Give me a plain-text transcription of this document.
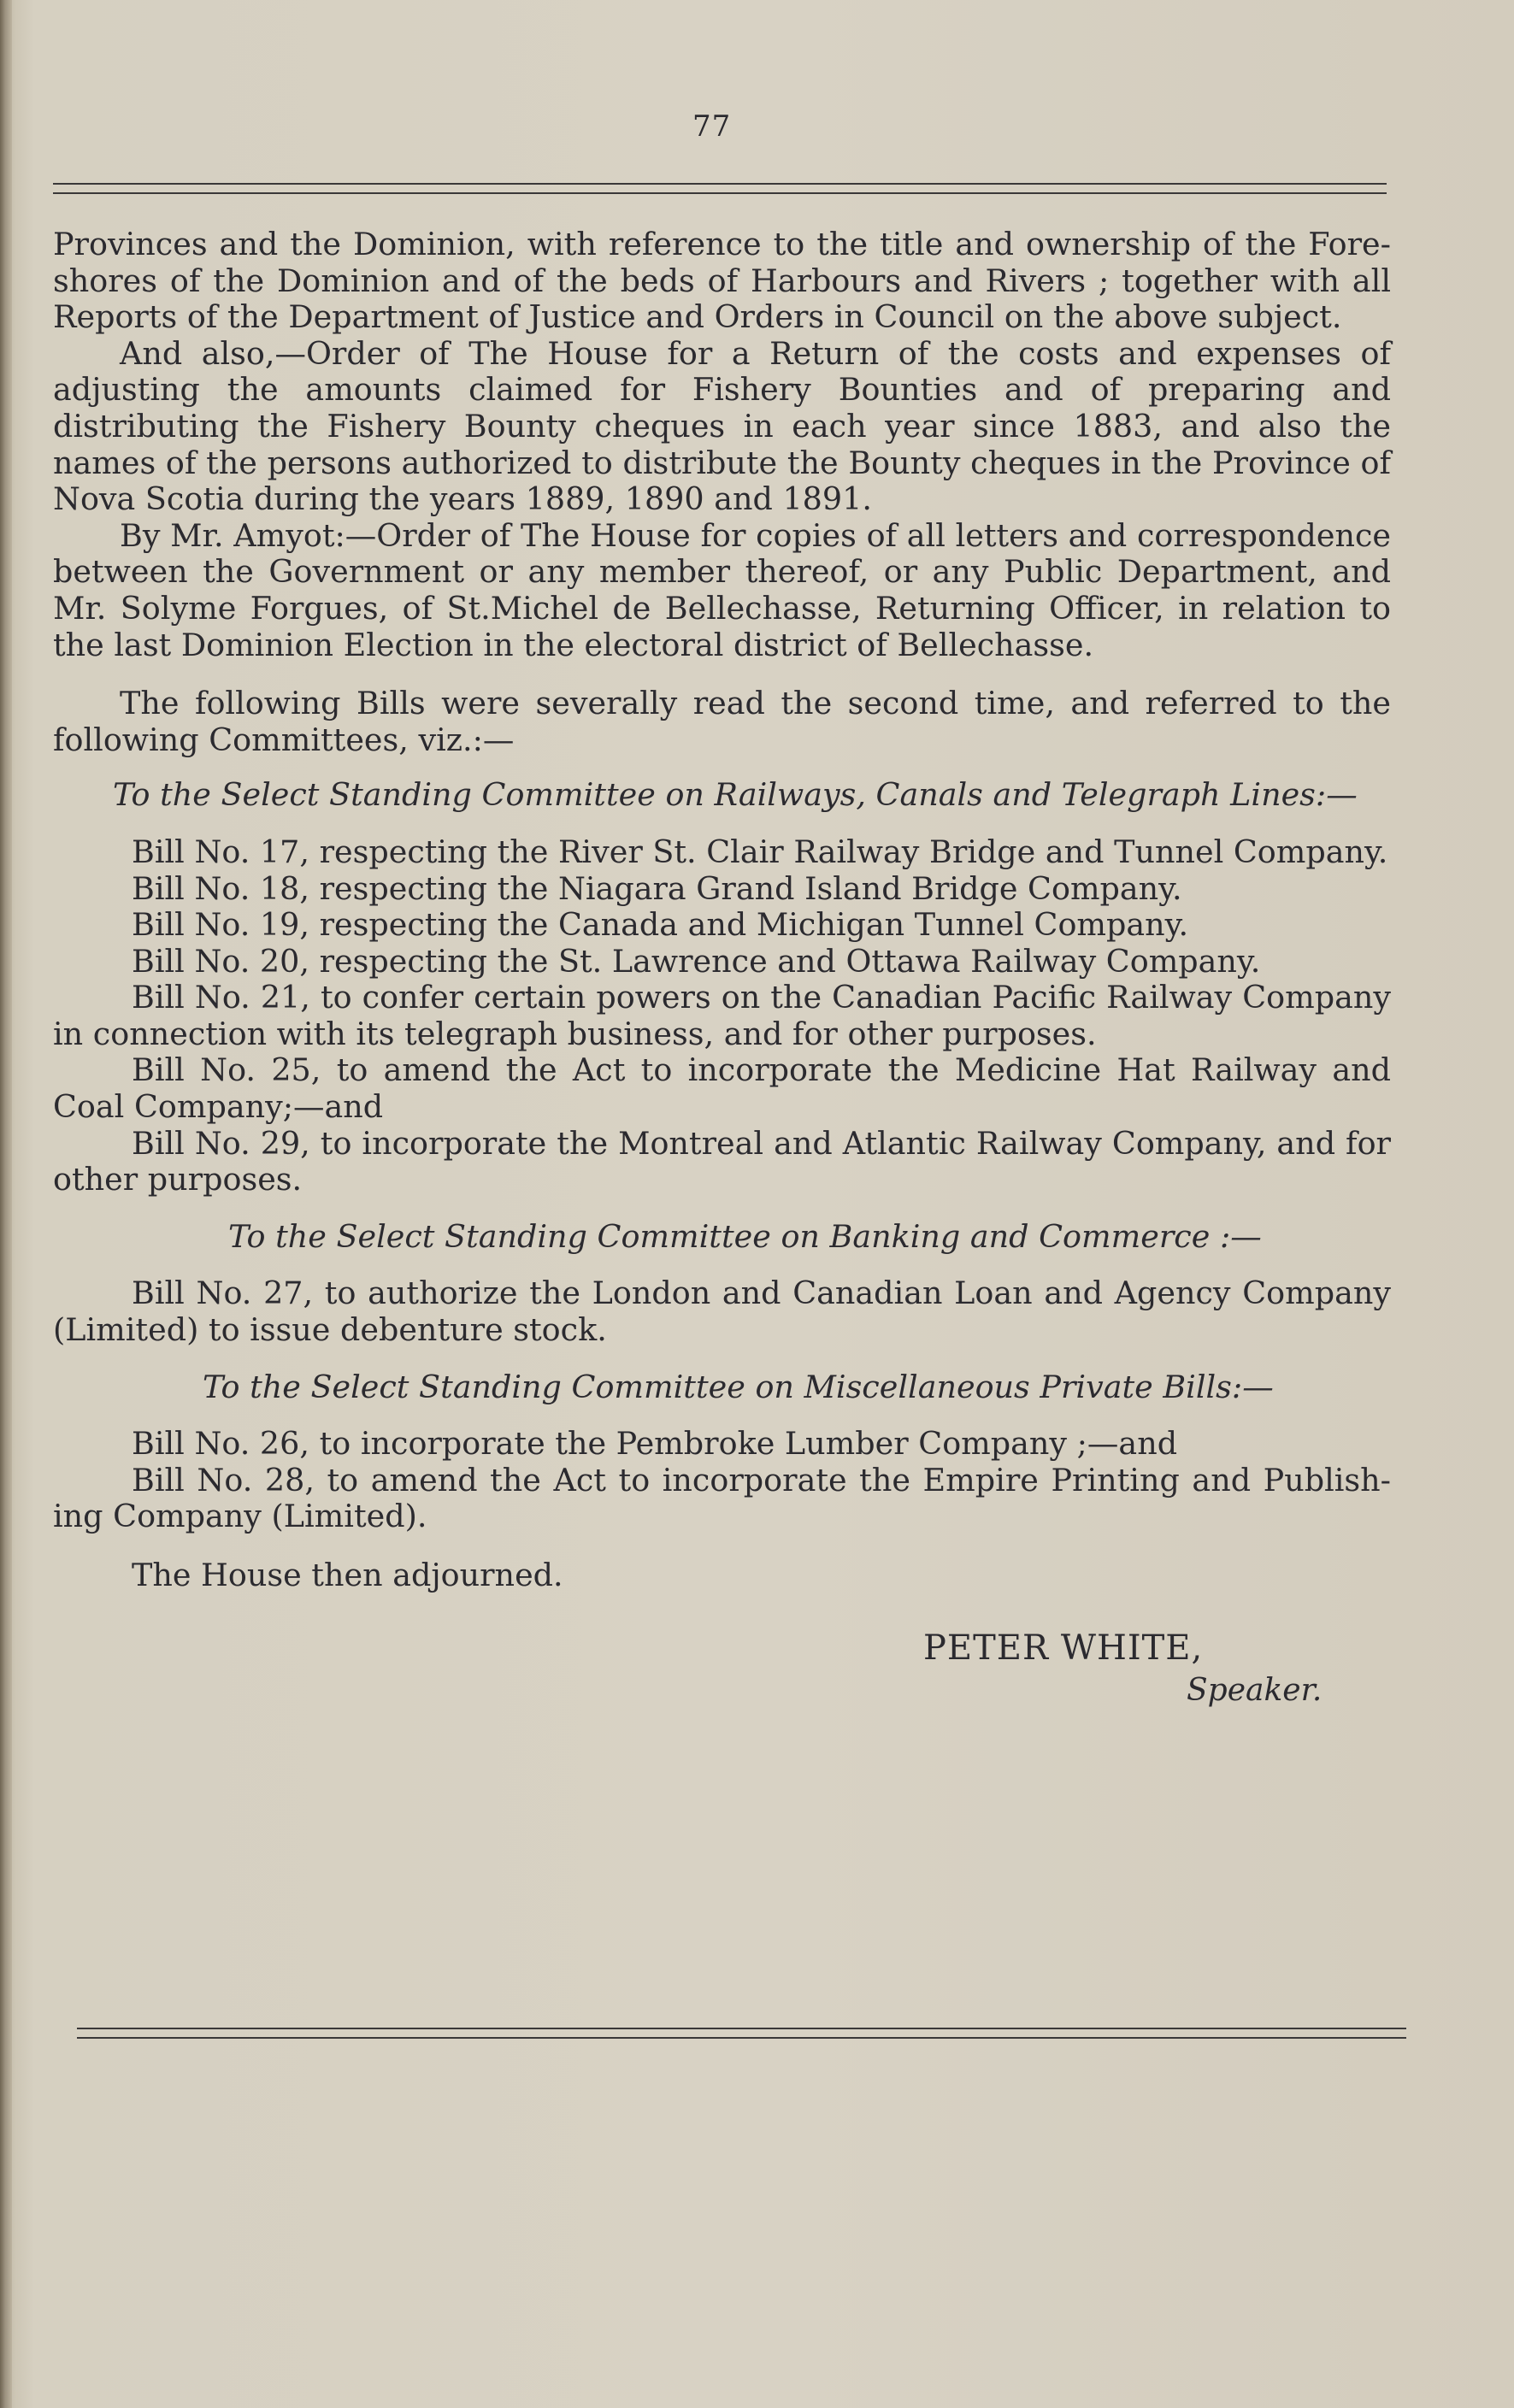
77

Provinces and the Dominion, with reference to the title and ownership of the Fore-shores of the Dominion and of the beds of Harbours and Rivers ; together with all Reports of the Department of Justice and Orders in Council on the above subject.

And also,—Order of The House for a Return of the costs and expenses of adjusting the amounts claimed for Fishery Bounties and of preparing and distributing the Fishery Bounty cheques in each year since 1883, and also the names of the persons authorized to distribute the Bounty cheques in the Province of Nova Scotia during the years 1889, 1890 and 1891.

By Mr. Amyot:—Order of The House for copies of all letters and correspondence between the Government or any member thereof, or any Public Department, and Mr. Solyme Forgues, of St.Michel de Bellechasse, Returning Officer, in relation to the last Dominion Election in the electoral district of Bellechasse.

The following Bills were severally read the second time, and referred to the following Committees, viz.:—

To the Select Standing Committee on Railways, Canals and Telegraph Lines:—

Bill No. 17, respecting the River St. Clair Railway Bridge and Tunnel Company.

Bill No. 18, respecting the Niagara Grand Island Bridge Company.

Bill No. 19, respecting the Canada and Michigan Tunnel Company.

Bill No. 20, respecting the St. Lawrence and Ottawa Railway Company.

Bill No. 21, to confer certain powers on the Canadian Pacific Railway Company in connection with its telegraph business, and for other purposes.

Bill No. 25, to amend the Act to incorporate the Medicine Hat Railway and Coal Company;—and

Bill No. 29, to incorporate the Montreal and Atlantic Railway Company, and for other purposes.

To the Select Standing Committee on Banking and Commerce :—

Bill No. 27, to authorize the London and Canadian Loan and Agency Company (Limited) to issue debenture stock.

To the Select Standing Committee on Miscellaneous Private Bills:—

Bill No. 26, to incorporate the Pembroke Lumber Company ;—and

Bill No. 28, to amend the Act to incorporate the Empire Printing and Publish-ing Company (Limited).

The House then adjourned.

PETER WHITE,

Speaker.
